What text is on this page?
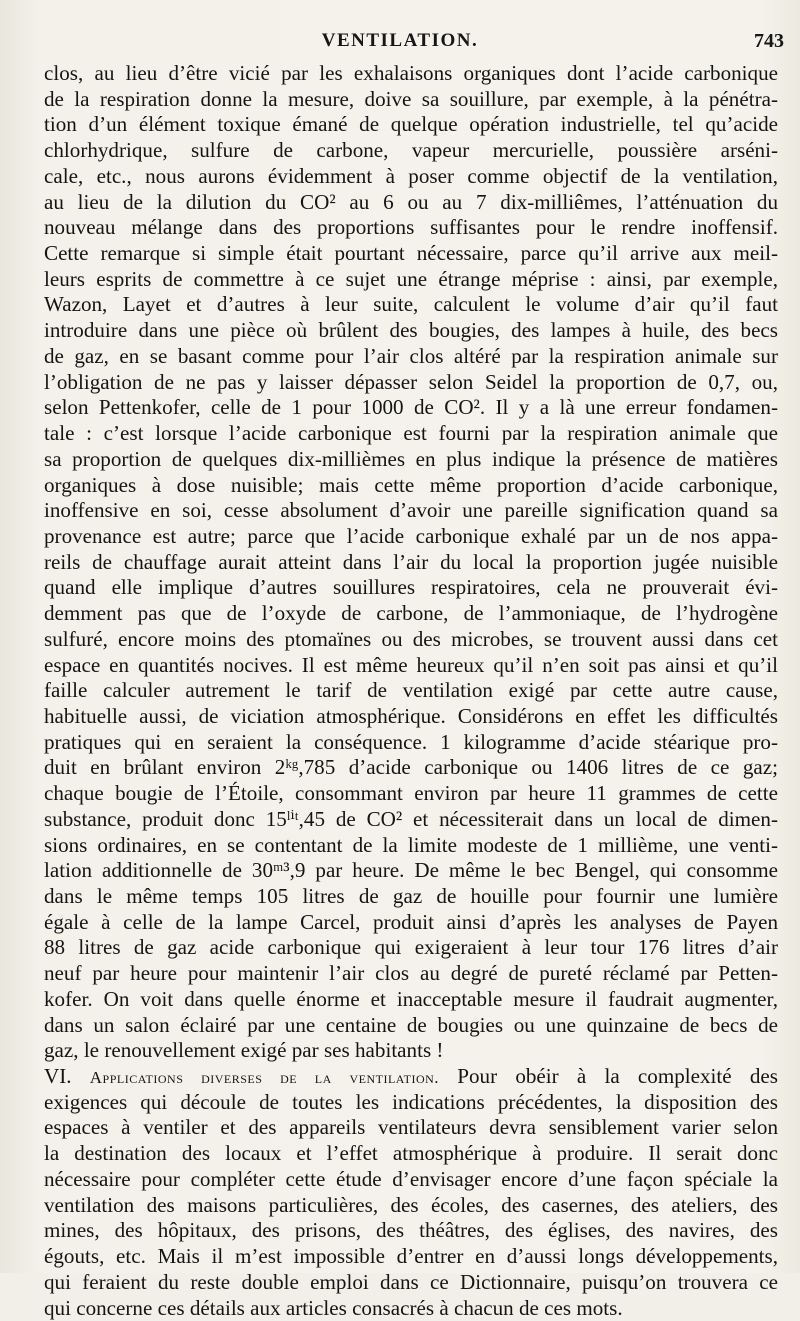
VENTILATION.	743
clos, au lieu d’être vicié par les exhalaisons organiques dont l’acide carbonique
de la respiration donne la mesure, doive sa souillure, par exemple, à la pénétra-
tion d’un élément toxique émané de quelque opération industrielle, tel qu’acide
chlorhydrique, sulfure de carbone, vapeur mercurielle, poussière arséni-
cale, etc., nous aurons évidemment à poser comme objectif de la ventilation,
au lieu de la dilution du CO² au 6 ou au 7 dix-milliêmes, l’atténuation du
nouveau mélange dans des proportions suffisantes pour le rendre inoffensif.
Cette remarque si simple était pourtant nécessaire, parce qu’il arrive aux meil-
leurs esprits de commettre à ce sujet une étrange méprise : ainsi, par exemple,
Wazon, Layet et d’autres à leur suite, calculent le volume d’air qu’il faut
introduire dans une pièce où brûlent des bougies, des lampes à huile, des becs
de gaz, en se basant comme pour l’air clos altéré par la respiration animale sur
l’obligation de ne pas y laisser dépasser selon Seidel la proportion de 0,7, ou,
selon Pettenkofer, celle de 1 pour 1000 de CO². Il y a là une erreur fondamen-
tale : c’est lorsque l’acide carbonique est fourni par la respiration animale que
sa proportion de quelques dix-millièmes en plus indique la présence de matières
organiques à dose nuisible; mais cette même proportion d’acide carbonique,
inoffensive en soi, cesse absolument d’avoir une pareille signification quand sa
provenance est autre; parce que l’acide carbonique exhalé par un de nos appa-
reils de chauffage aurait atteint dans l’air du local la proportion jugée nuisible
quand elle implique d’autres souillures respiratoires, cela ne prouverait évi-
demment pas que de l’oxyde de carbone, de l’ammoniaque, de l’hydrogène
sulfuré, encore moins des ptomaïnes ou des microbes, se trouvent aussi dans cet
espace en quantités nocives. Il est même heureux qu’il n’en soit pas ainsi et qu’il
faille calculer autrement le tarif de ventilation exigé par cette autre cause,
habituelle aussi, de viciation atmosphérique. Considérons en effet les difficultés
pratiques qui en seraient la conséquence. 1 kilogramme d’acide stéarique pro-
duit en brûlant environ 2ᵏᵍ,785 d’acide carbonique ou 1406 litres de ce gaz;
chaque bougie de l’Étoile, consommant environ par heure 11 grammes de cette
substance, produit donc 15ˡⁱᵗ,45 de CO² et nécessiterait dans un local de dimen-
sions ordinaires, en se contentant de la limite modeste de 1 millième, une venti-
lation additionnelle de 30ᵐ³,9 par heure. De même le bec Bengel, qui consomme
dans le même temps 105 litres de gaz de houille pour fournir une lumière
égale à celle de la lampe Carcel, produit ainsi d’après les analyses de Payen
88 litres de gaz acide carbonique qui exigeraient à leur tour 176 litres d’air
neuf par heure pour maintenir l’air clos au degré de pureté réclamé par Petten-
kofer. On voit dans quelle énorme et inacceptable mesure il faudrait augmenter,
dans un salon éclairé par une centaine de bougies ou une quinzaine de becs de
gaz, le renouvellement exigé par ses habitants !
VI. Applications diverses de la ventilation. Pour obéir à la complexité des
exigences qui découle de toutes les indications précédentes, la disposition des
espaces à ventiler et des appareils ventilateurs devra sensiblement varier selon
la destination des locaux et l’effet atmosphérique à produire. Il serait donc
nécessaire pour compléter cette étude d’envisager encore d’une façon spéciale la
ventilation des maisons particulières, des écoles, des casernes, des ateliers, des
mines, des hôpitaux, des prisons, des théâtres, des églises, des navires, des
égouts, etc. Mais il m’est impossible d’entrer en d’aussi longs développements,
qui feraient du reste double emploi dans ce Dictionnaire, puisqu’on trouvera ce
qui concerne ces détails aux articles consacrés à chacun de ces mots.
